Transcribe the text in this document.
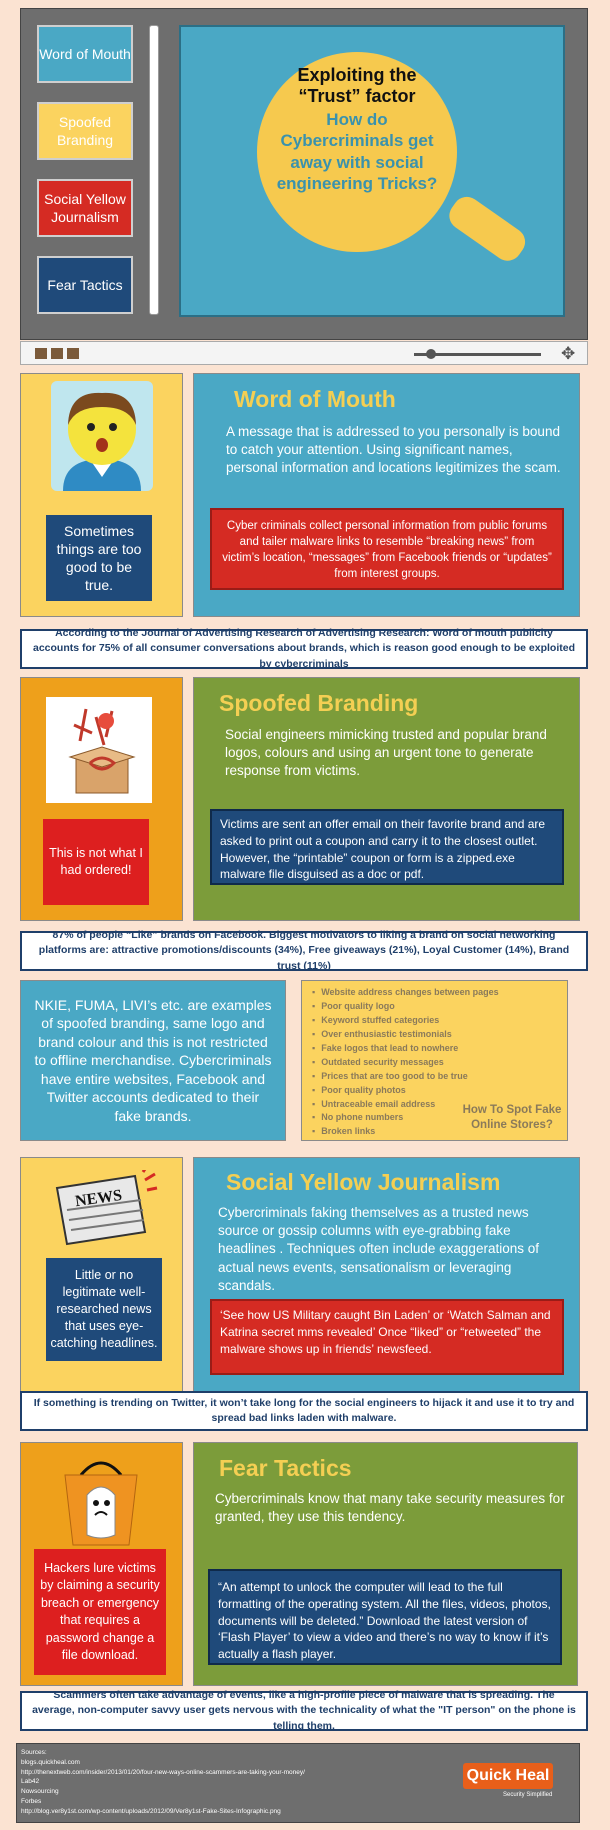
Word of Mouth
Spoofed Branding
Social Yellow Journalism
Fear Tactics
Exploiting the
“Trust” factor
How do Cybercriminals get away with social engineering Tricks?
✥
Sometimes things are too good to be true.
Word of Mouth
A message that is addressed to you personally is bound to catch your attention. Using significant names, personal information and locations legitimizes the scam.
Cyber criminals collect personal information from public forums and tailer malware links to resemble “breaking news” from victim’s location, “messages” from Facebook friends or “updates” from interest groups.
According to the Journal of Advertising Research of Advertising Research: Word of mouth publicity accounts for 75% of all consumer conversations about brands, which is reason good enough to be exploited by cybercriminals
This is not what I had ordered!
Spoofed Branding
Social engineers mimicking trusted and popular brand logos, colours and using an urgent tone to generate response from victims.
Victims are sent an offer email on their favorite brand and are asked to print out a coupon and carry it to the closest outlet. However, the “printable” coupon or form is a zipped.exe malware file disguised as a doc or pdf.
87% of people “Like” brands on Facebook. Biggest motivators to liking a brand on social networking platforms are: attractive promotions/discounts (34%), Free giveaways (21%), Loyal Customer (14%), Brand trust (11%)
NKIE, FUMA, LIVI’s etc. are examples of spoofed branding, same logo and brand colour and this is not restricted to offline merchandise. Cybercriminals have entire websites, Facebook and Twitter accounts dedicated to their fake brands.
▪ Website address changes between pages
▪ Poor quality logo
▪ Keyword stuffed categories
▪ Over enthusiastic testimonials
▪ Fake logos that lead to nowhere
▪ Outdated security messages
▪ Prices that are too good to be true
▪ Poor quality photos
▪ Untraceable email address
▪ No phone numbers
▪ Broken links
How To Spot Fake Online Stores?
NEWS
Little or no legitimate well-researched news that uses eye-catching headlines.
Social Yellow Journalism
Cybercriminals faking themselves as a trusted news source or gossip columns with eye-grabbing fake headlines . Techniques often include exaggerations of actual news events, sensationalism or leveraging scandals.
‘See how US Military caught Bin Laden’ or ‘Watch Salman and Katrina secret mms revealed’ Once “liked” or “retweeted” the malware shows up in friends’ newsfeed.
If something is trending on Twitter, it won’t take long for the social engineers to hijack it and use it to try and spread bad links laden with malware.
Hackers lure victims by claiming a security breach or emergency that requires a password change a file download.
Fear Tactics
Cybercriminals know that many take security measures for granted, they use this tendency.
“An attempt to unlock the computer will lead to the full formatting of the operating system. All the files, videos, photos, documents will be deleted.” Download the latest version of ‘Flash Player’ to view a video and there’s no way to know if it’s actually a flash player.
Scammers often take advantage of events, like a high-profile piece of malware that is spreading. The average, non-computer savvy user gets nervous with the technicality of what the "IT person" on the phone is telling them.
Sources:
blogs.quickheal.com
http://thenextweb.com/insider/2013/01/20/four-new-ways-online-scammers-are-taking-your-money/
Lab42
Nowsourcing
Forbes
http://blog.ver8y1st.com/wp-content/uploads/2012/09/Ver8y1st-Fake-Sites-Infographic.png
Quick Heal
Security Simplified
